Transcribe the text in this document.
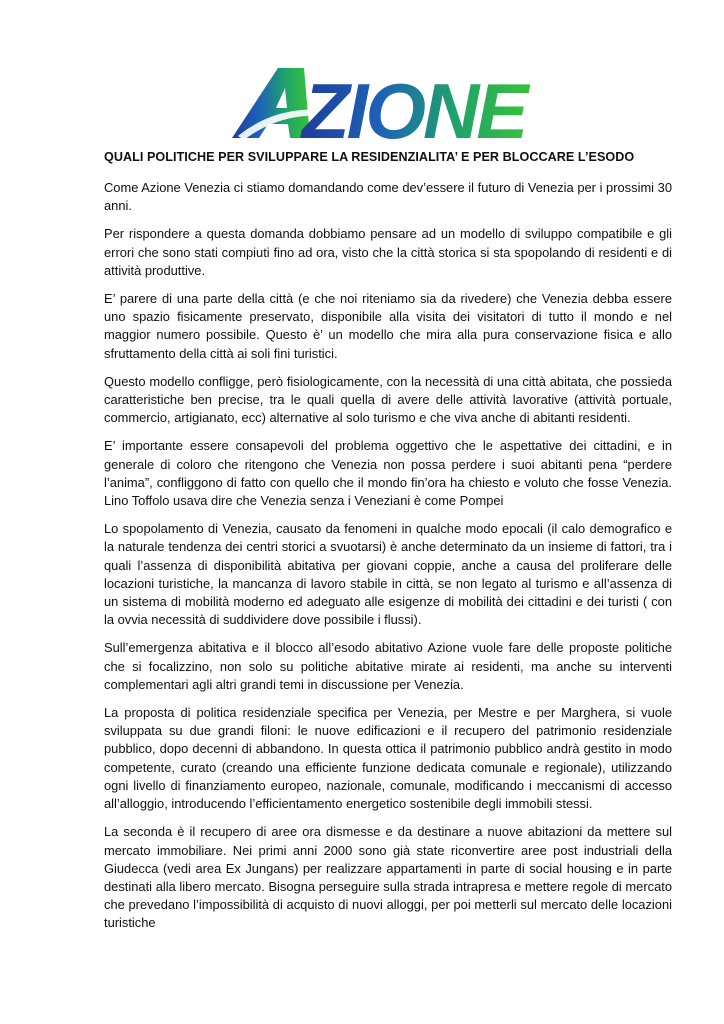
ZIONE
QUALI POLITICHE PER SVILUPPARE LA RESIDENZIALITA’ E PER BLOCCARE L’ESODO

Come Azione Venezia ci stiamo domandando come dev’essere il futuro di Venezia per i prossimi 30 anni.

Per rispondere a questa domanda dobbiamo pensare ad un modello di sviluppo compatibile e gli errori che sono stati compiuti fino ad ora, visto che la città storica si sta spopolando di residenti e di attività produttive.

E’ parere di una parte della città (e che noi riteniamo sia da rivedere) che Venezia debba essere uno spazio fisicamente preservato, disponibile alla visita dei visitatori di tutto il mondo e nel maggior numero possibile. Questo è’ un modello che mira alla pura conservazione fisica e allo sfruttamento della città ai soli fini turistici.

Questo modello confligge, però fisiologicamente, con la necessità di una città abitata, che possieda caratteristiche ben precise, tra le quali quella di avere delle attività lavorative (attività portuale, commercio, artigianato, ecc) alternative al solo turismo e che viva anche di abitanti residenti.

E’ importante essere consapevoli del problema oggettivo che le aspettative dei cittadini, e in generale di coloro che ritengono che Venezia non possa perdere i suoi abitanti pena “perdere l’anima”, confliggono di fatto con quello che il mondo fin’ora ha chiesto e voluto che fosse Venezia. Lino Toffolo usava dire che Venezia senza i Veneziani è come Pompei

Lo spopolamento di Venezia, causato da fenomeni in qualche modo epocali (il calo demografico e la naturale tendenza dei centri storici a svuotarsi) è anche determinato da un insieme di fattori, tra i quali l’assenza di disponibilità abitativa per giovani coppie, anche a causa del proliferare delle locazioni turistiche, la mancanza di lavoro stabile in città, se non legato al turismo e all’assenza di un sistema di mobilità moderno ed adeguato alle esigenze di mobilità dei cittadini e dei turisti ( con la ovvia necessità di suddividere dove possibile i flussi).

Sull’emergenza abitativa e il blocco all’esodo abitativo Azione vuole fare delle proposte politiche che si focalizzino, non solo su politiche abitative mirate ai residenti, ma anche su interventi complementari agli altri grandi temi in discussione per Venezia.

La proposta di politica residenziale specifica per Venezia, per Mestre e per Marghera, si vuole sviluppata su due grandi filoni: le nuove edificazioni e il recupero del patrimonio residenziale pubblico, dopo decenni di abbandono. In questa ottica il patrimonio pubblico andrà gestito in modo competente, curato (creando una efficiente funzione dedicata comunale e regionale), utilizzando ogni livello di finanziamento europeo, nazionale, comunale, modificando i meccanismi di accesso all’alloggio, introducendo l’efficientamento energetico sostenibile degli immobili stessi.

La seconda è il recupero di aree ora dismesse e da destinare a nuove abitazioni da mettere sul mercato immobiliare. Nei primi anni 2000 sono già state riconvertire aree post industriali della Giudecca (vedi area Ex Jungans) per realizzare appartamenti in parte di social housing e in parte destinati alla libero mercato. Bisogna perseguire sulla strada intrapresa e mettere regole di mercato che prevedano l’impossibilità di acquisto di nuovi alloggi, per poi metterli sul mercato delle locazioni turistiche
